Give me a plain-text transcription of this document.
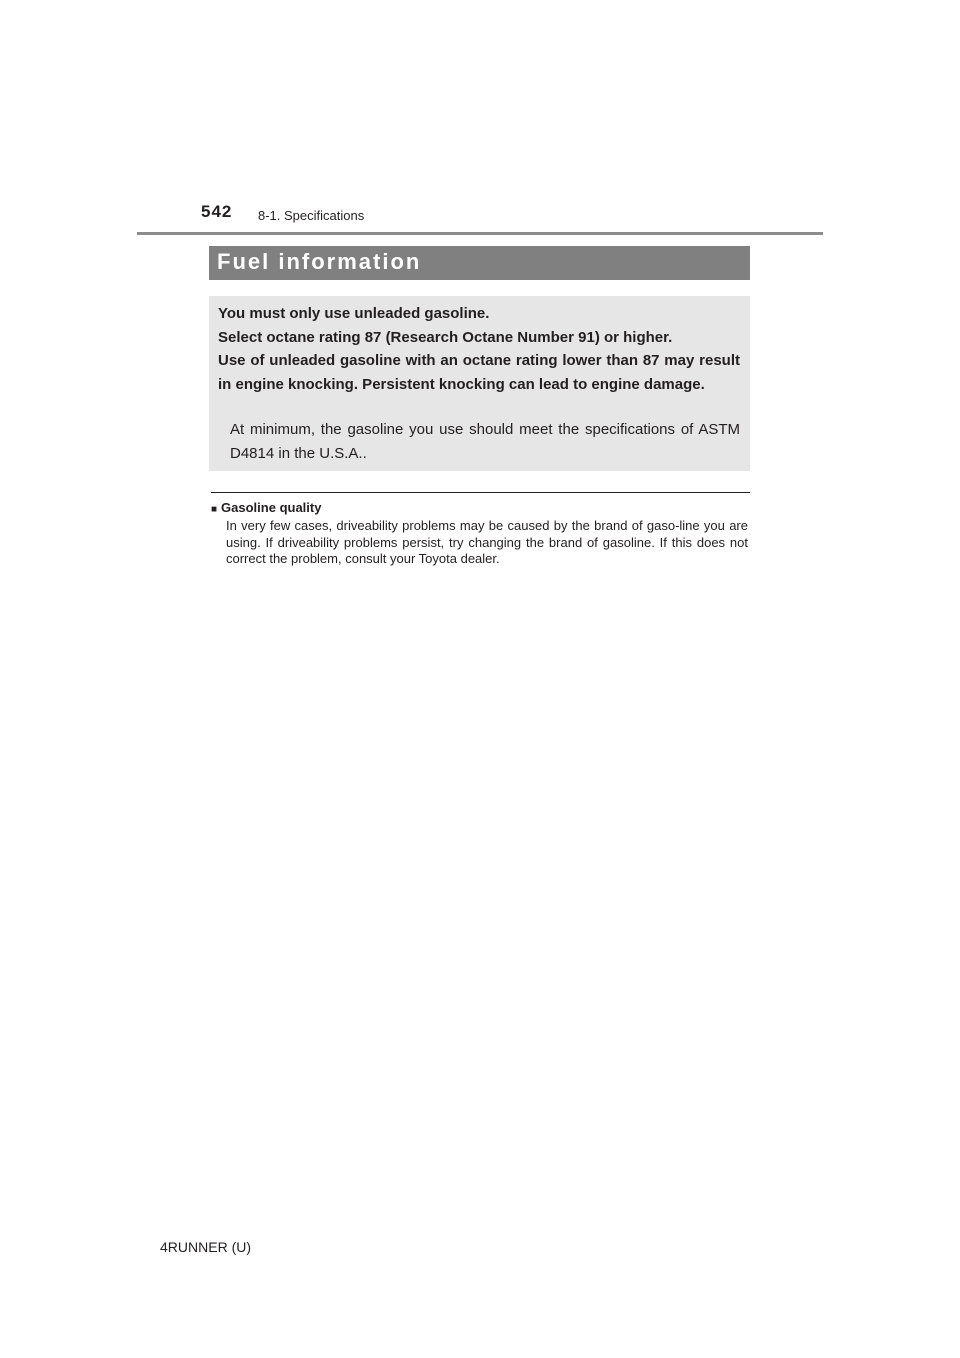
542 8-1. Specifications
Fuel information

You must only use unleaded gasoline.

Select octane rating 87 (Research Octane Number 91) or higher.

Use of unleaded gasoline with an octane rating lower than 87 may result in engine knocking. Persistent knocking can lead to engine damage.

At minimum, the gasoline you use should meet the specifications of ASTM D4814 in the U.S.A..
■ Gasoline quality
In very few cases, driveability problems may be caused by the brand of gaso-line you are using. If driveability problems persist, try changing the brand of gasoline. If this does not correct the problem, consult your Toyota dealer.
4RUNNER (U)
